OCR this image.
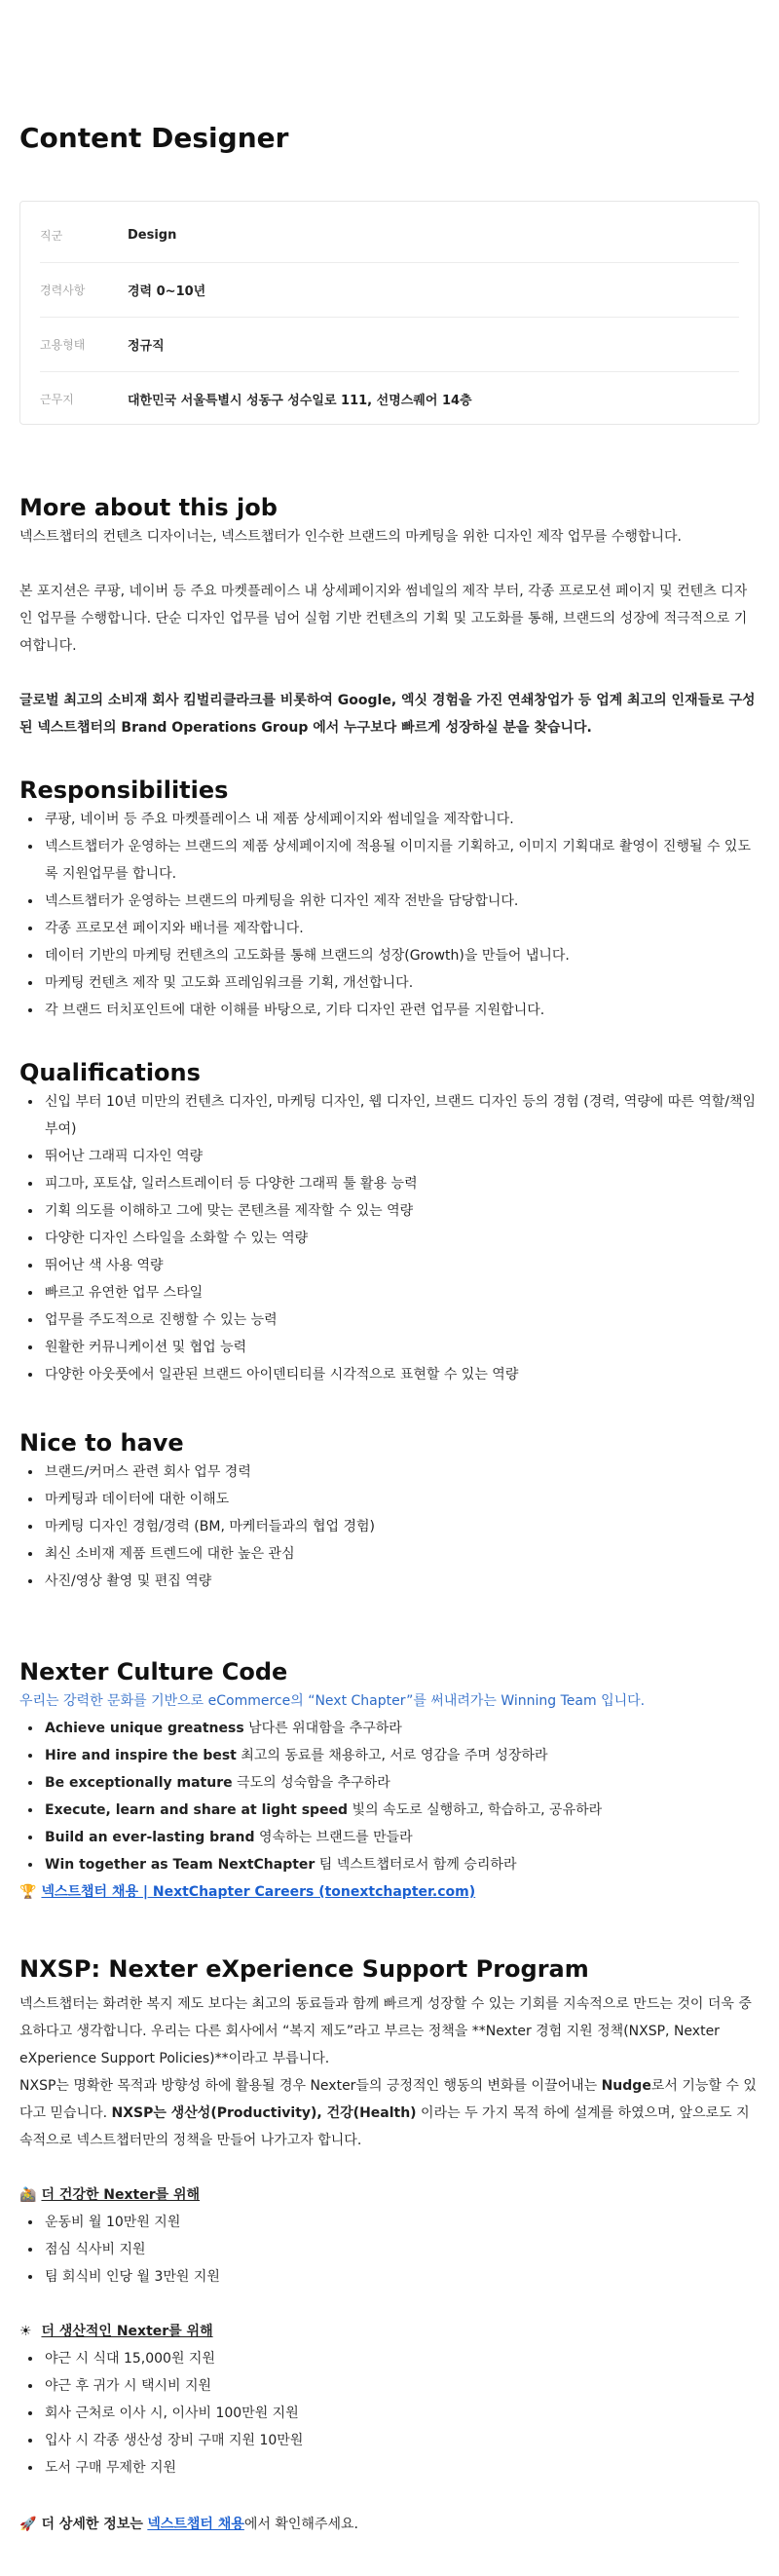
Content Designer
직군	Design
경력사항	경력 0~10년
고용형태	정규직
근무지	대한민국 서울특별시 성동구 성수일로 111, 선명스퀘어 14층
More about this job

넥스트챕터의 컨텐츠 디자이너는, 넥스트챕터가 인수한 브랜드의 마케팅을 위한 디자인 제작 업무를 수행합니다.

본 포지션은 쿠팡, 네이버 등 주요 마켓플레이스 내 상세페이지와 썸네일의 제작 부터, 각종 프로모션 페이지 및 컨텐츠 디자인 업무를 수행합니다. 단순 디자인 업무를 넘어 실험 기반 컨텐츠의 기획 및 고도화를 통해, 브랜드의 성장에 적극적으로 기여합니다.

글로벌 최고의 소비재 회사 킴벌리클라크를 비롯하여 Google, 엑싯 경험을 가진 연쇄창업가 등 업계 최고의 인재들로 구성된 넥스트챕터의 Brand Operations Group 에서 누구보다 빠르게 성장하실 분을 찾습니다.

Responsibilities
• 쿠팡, 네이버 등 주요 마켓플레이스 내 제품 상세페이지와 썸네일을 제작합니다.
• 넥스트챕터가 운영하는 브랜드의 제품 상세페이지에 적용될 이미지를 기획하고, 이미지 기획대로 촬영이 진행될 수 있도록 지원업무를 합니다.
• 넥스트챕터가 운영하는 브랜드의 마케팅을 위한 디자인 제작 전반을 담당합니다.
• 각종 프로모션 페이지와 배너를 제작합니다.
• 데이터 기반의 마케팅 컨텐츠의 고도화를 통해 브랜드의 성장(Growth)을 만들어 냅니다.
• 마케팅 컨텐츠 제작 및 고도화 프레임워크를 기획, 개선합니다.
• 각 브랜드 터치포인트에 대한 이해를 바탕으로, 기타 디자인 관련 업무를 지원합니다.
Qualifications
• 신입 부터 10년 미만의 컨텐츠 디자인, 마케팅 디자인, 웹 디자인, 브랜드 디자인 등의 경험 (경력, 역량에 따른 역할/책임 부여)
• 뛰어난 그래픽 디자인 역량
• 피그마, 포토샵, 일러스트레이터 등 다양한 그래픽 툴 활용 능력
• 기획 의도를 이해하고 그에 맞는 콘텐츠를 제작할 수 있는 역량
• 다양한 디자인 스타일을 소화할 수 있는 역량
• 뛰어난 색 사용 역량
• 빠르고 유연한 업무 스타일
• 업무를 주도적으로 진행할 수 있는 능력
• 원활한 커뮤니케이션 및 협업 능력
• 다양한 아웃풋에서 일관된 브랜드 아이덴티티를 시각적으로 표현할 수 있는 역량
Nice to have
• 브랜드/커머스 관련 회사 업무 경력
• 마케팅과 데이터에 대한 이해도
• 마케팅 디자인 경험/경력 (BM, 마케터들과의 협업 경험)
• 최신 소비재 제품 트렌드에 대한 높은 관심
• 사진/영상 촬영 및 편집 역량
Nexter Culture Code

우리는 강력한 문화를 기반으로 eCommerce의 “Next Chapter”를 써내려가는 Winning Team 입니다.

• Achieve unique greatness 남다른 위대함을 추구하라
• Hire and inspire the best 최고의 동료를 채용하고, 서로 영감을 주며 성장하라
• Be exceptionally mature 극도의 성숙함을 추구하라
• Execute, learn and share at light speed 빛의 속도로 실행하고, 학습하고, 공유하라
• Build an ever-lasting brand 영속하는 브랜드를 만들라
• Win together as Team NextChapter 팀 넥스트챕터로서 함께 승리하라

🏆 넥스트챕터 채용 | NextChapter Careers (tonextchapter.com)

NXSP: Nexter eXperience Support Program

넥스트챕터는 화려한 복지 제도 보다는 최고의 동료들과 함께 빠르게 성장할 수 있는 기회를 지속적으로 만드는 것이 더욱 중요하다고 생각합니다. 우리는 다른 회사에서 “복지 제도”라고 부르는 정책을 **Nexter 경험 지원 정책(NXSP, Nexter eXperience Support Policies)**이라고 부릅니다.

NXSP는 명확한 목적과 방향성 하에 활용될 경우 Nexter들의 긍정적인 행동의 변화를 이끌어내는 Nudge로서 기능할 수 있다고 믿습니다. NXSP는 생산성(Productivity), 건강(Health) 이라는 두 가지 목적 하에 설계를 하였으며, 앞으로도 지속적으로 넥스트챕터만의 정책을 만들어 나가고자 합니다.

🚵 더 건강한 Nexter를 위해

• 운동비 월 10만원 지원
• 점심 식사비 지원
• 팀 회식비 인당 월 3만원 지원

☀ 더 생산적인 Nexter를 위해

• 야근 시 식대 15,000원 지원
• 야근 후 귀가 시 택시비 지원
• 회사 근처로 이사 시, 이사비 100만원 지원
• 입사 시 각종 생산성 장비 구매 지원 10만원
• 도서 구매 무제한 지원

🚀 더 상세한 정보는 넥스트챕터 채용에서 확인해주세요.
